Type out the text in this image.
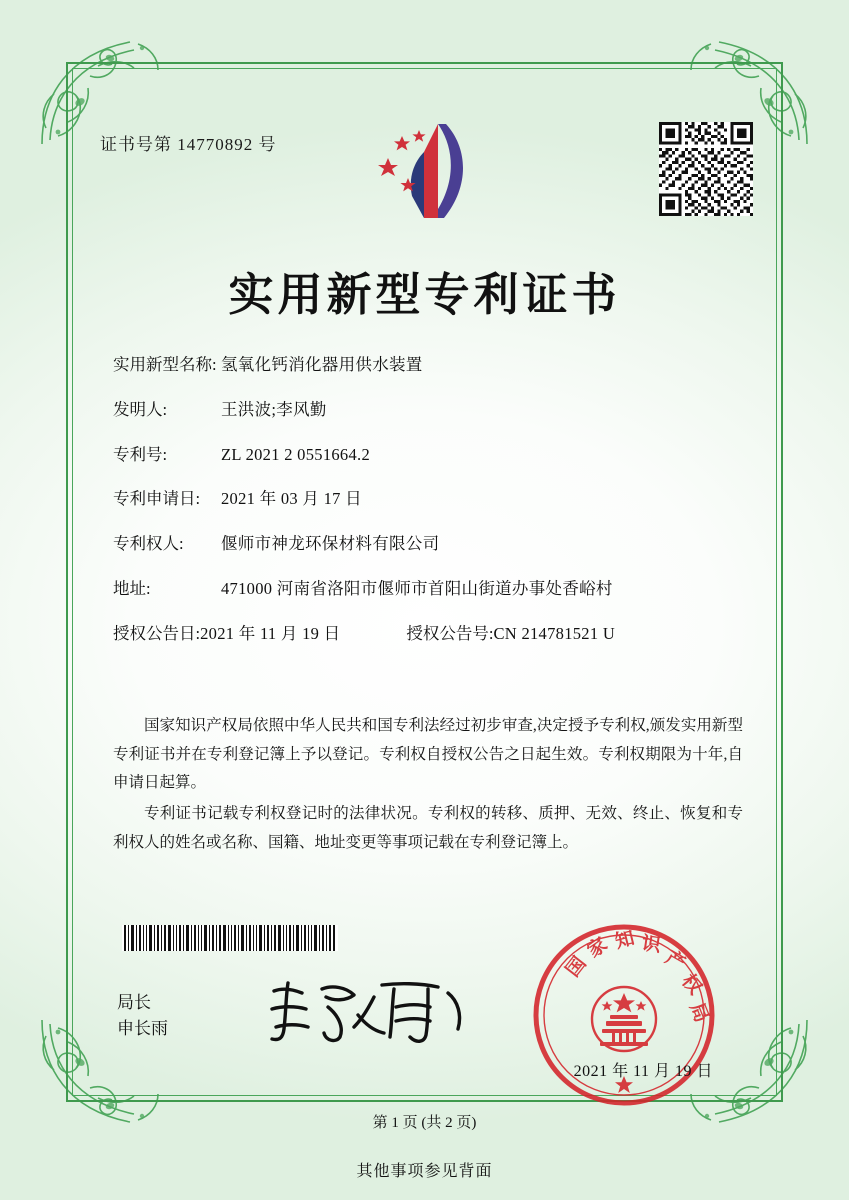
证书号第 14770892 号
实用新型专利证书
实用新型名称: 氢氧化钙消化器用供水装置
发明人:	王洪波;李风勤
专利号:	ZL 2021 2 0551664.2
专利申请日:	2021 年 03 月 17 日
专利权人:	偃师市神龙环保材料有限公司
地址:	471000 河南省洛阳市偃师市首阳山街道办事处香峪村
授权公告日: 2021 年 11 月 19 日	授权公告号: CN 214781521 U

国家知识产权局依照中华人民共和国专利法经过初步审查,决定授予专利权,颁发实用新型专利证书并在专利登记簿上予以登记。专利权自授权公告之日起生效。专利权期限为十年,自申请日起算。

专利证书记载专利权登记时的法律状况。专利权的转移、质押、无效、终止、恢复和专利权人的姓名或名称、国籍、地址变更等事项记载在专利登记簿上。

局长
申长雨
国
家 知 识
产
权
局
2021 年 11 月 19 日
第 1 页 (共 2 页)
其他事项参见背面
